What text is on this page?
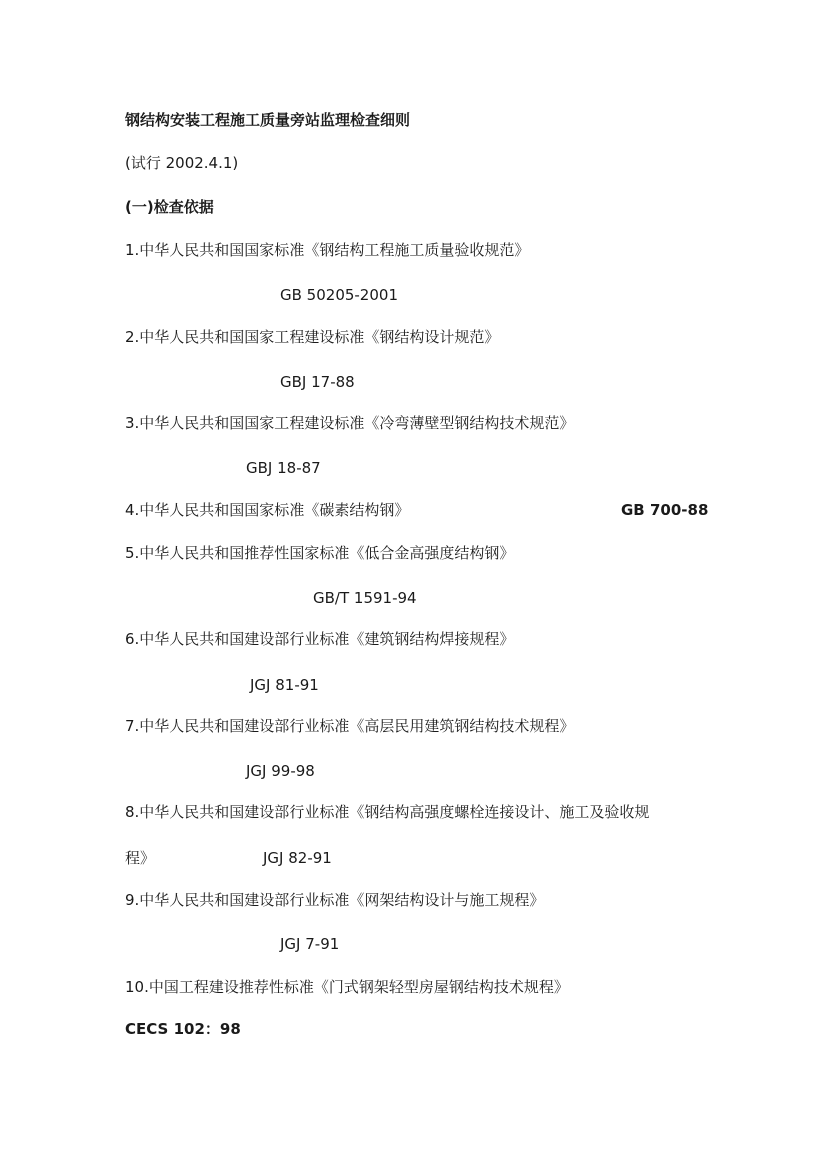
钢结构安装工程施工质量旁站监理检查细则
(试行 2002.4.1)
(一)检查依据
1.中华人民共和国国家标准《钢结构工程施工质量验收规范》
GB 50205-2001
2.中华人民共和国国家工程建设标准《钢结构设计规范》
GBJ 17-88
3.中华人民共和国国家工程建设标准《冷弯薄壁型钢结构技术规范》
GBJ 18-87
4.中华人民共和国国家标准《碳素结构钢》	GB 700-88
5.中华人民共和国推荐性国家标准《低合金高强度结构钢》
GB/T 1591-94
6.中华人民共和国建设部行业标准《建筑钢结构焊接规程》
JGJ 81-91
7.中华人民共和国建设部行业标准《高层民用建筑钢结构技术规程》
JGJ 99-98
8.中华人民共和国建设部行业标准《钢结构高强度螺栓连接设计、施工及验收规
程》	JGJ 82-91
9.中华人民共和国建设部行业标准《网架结构设计与施工规程》
JGJ 7-91
10.中国工程建设推荐性标准《门式钢架轻型房屋钢结构技术规程》
CECS 102：98
